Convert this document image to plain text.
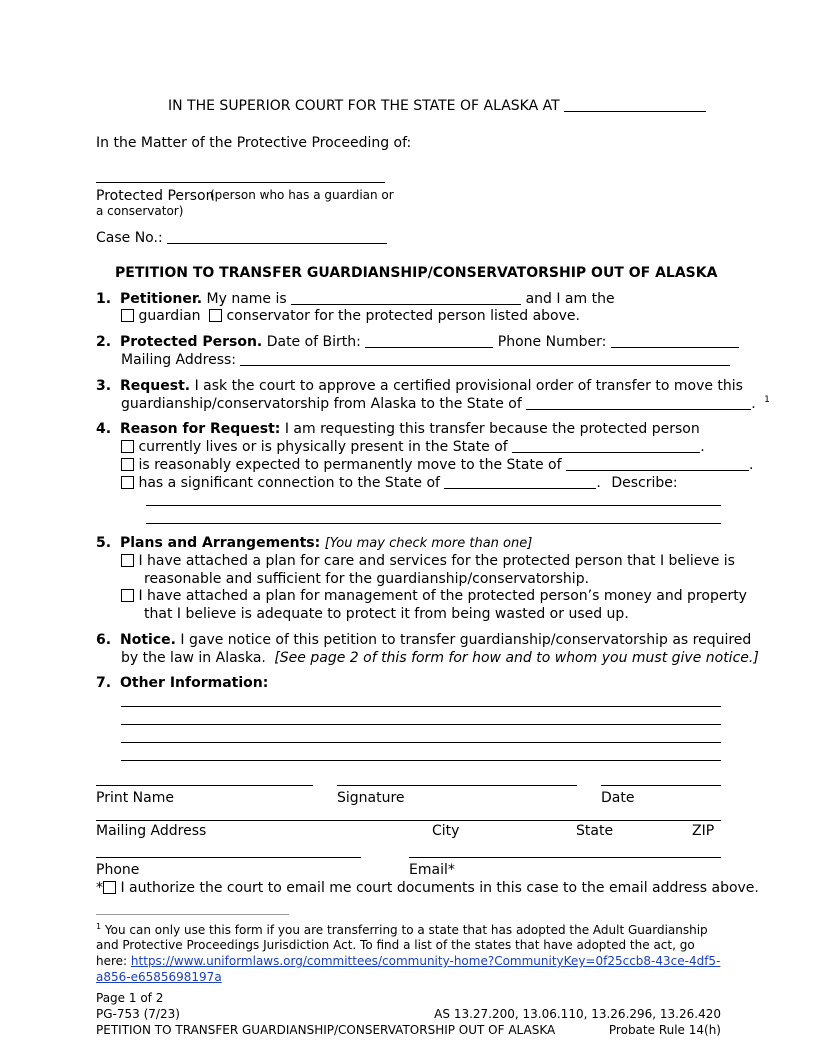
IN THE SUPERIOR COURT FOR THE STATE OF ALASKA AT
In the Matter of the Protective Proceeding of:
Protected Person
(person who has a guardian or a conservator)
Case No.:
PETITION TO TRANSFER GUARDIANSHIP/CONSERVATORSHIP OUT OF ALASKA
1. Petitioner. My name is	and I am the
guardian conservator for the protected person listed above.
2. Protected Person. Date of Birth:	Phone Number:
Mailing Address:
3. Request. I ask the court to approve a certified provisional order of transfer to move this
guardianship/conservatorship from Alaska to the State of	. $^1$
4. Reason for Request: I am requesting this transfer because the protected person
currently lives or is physically present in the State of	.
is reasonably expected to permanently move to the State of	.
has a significant connection to the State of	. Describe:
5. Plans and Arrangements: [You may check more than one]
I have attached a plan for care and services for the protected person that I believe is
reasonable and sufficient for the guardianship/conservatorship.
I have attached a plan for management of the protected person’s money and property
that I believe is adequate to protect it from being wasted or used up.
6. Notice. I gave notice of this petition to transfer guardianship/conservatorship as required
by the law in Alaska. [See page 2 of this form for how and to whom you must give notice.]
7. Other Information:
Print Name	Signature	Date
Mailing Address	City	State	ZIP
Phone	Email*
* I authorize the court to email me court documents in this case to the email address above.
$^1$ You can only use this form if you are transferring to a state that has adopted the Adult Guardianship
and Protective Proceedings Jurisdiction Act. To find a list of the states that have adopted the act, go
here: https://www.uniformlaws.org/committees/community-home?CommunityKey=0f25ccb8-43ce-4df5-
a856-e6585698197a
Page 1 of 2
PG-753 (7/23)	AS 13.27.200, 13.06.110, 13.26.296, 13.26.420
PETITION TO TRANSFER GUARDIANSHIP/CONSERVATORSHIP OUT OF ALASKA	Probate Rule 14(h)
